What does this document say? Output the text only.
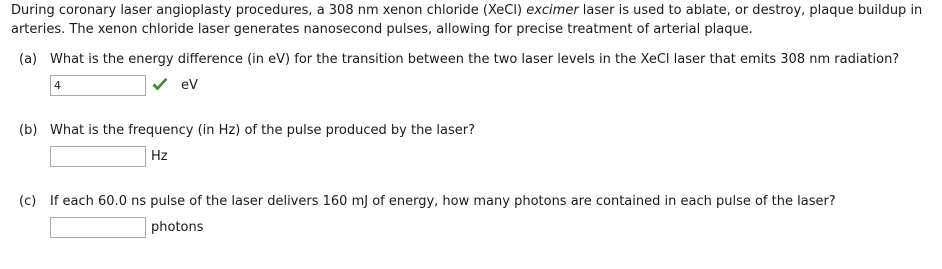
During coronary laser angioplasty procedures, a 308 nm xenon chloride (XeCl) excimer laser is used to ablate, or destroy, plaque buildup in arteries. The xenon chloride laser generates nanosecond pulses, allowing for precise treatment of arterial plaque.

(a) What is the energy difference (in eV) for the transition between the two laser levels in the XeCl laser that emits 308 nm radiation?
4	eV
(b) What is the frequency (in Hz) of the pulse produced by the laser?
Hz
(c)	If each 60.0 ns pulse of the laser delivers 160 mJ of energy, how many photons are contained in each pulse of the laser?
photons
